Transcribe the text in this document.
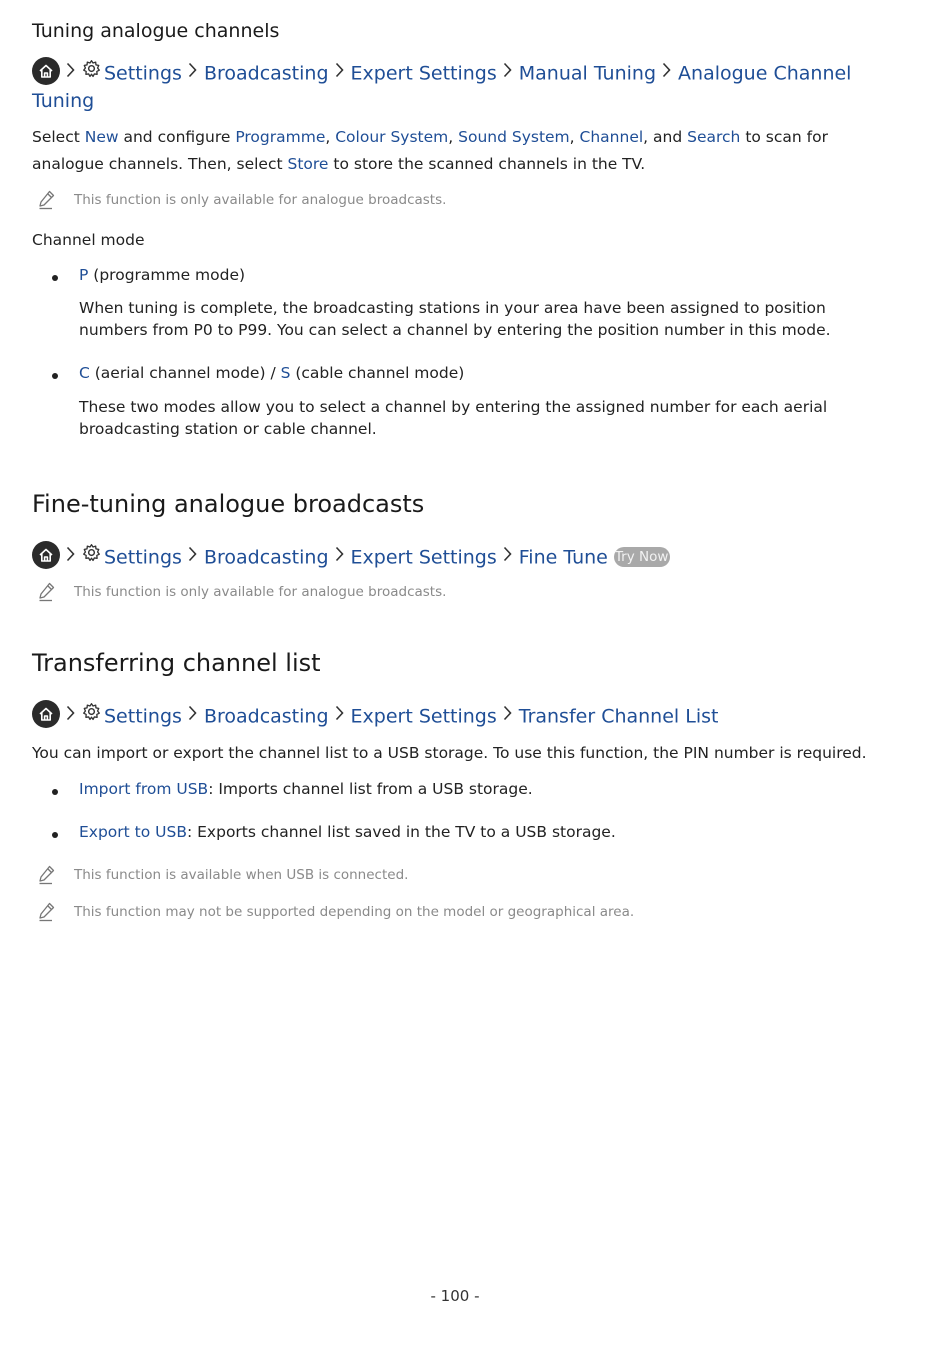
Tuning analogue channels
Settings Broadcasting Expert Settings Manual Tuning Analogue Channel Tuning
Select New and configure Programme, Colour System, Sound System, Channel, and Search to scan for analogue channels. Then, select Store to store the scanned channels in the TV.
This function is only available for analogue broadcasts.
Channel mode
P (programme mode)
When tuning is complete, the broadcasting stations in your area have been assigned to position numbers from P0 to P99. You can select a channel by entering the position number in this mode.
C (aerial channel mode) / S (cable channel mode)
These two modes allow you to select a channel by entering the assigned number for each aerial broadcasting station or cable channel.
Fine-tuning analogue broadcasts
Settings Broadcasting Expert Settings Fine Tune Try Now
This function is only available for analogue broadcasts.
Transferring channel list
Settings Broadcasting Expert Settings Transfer Channel List
You can import or export the channel list to a USB storage. To use this function, the PIN number is required.
Import from USB: Imports channel list from a USB storage.
Export to USB: Exports channel list saved in the TV to a USB storage.
This function is available when USB is connected.
This function may not be supported depending on the model or geographical area.
- 100 -
